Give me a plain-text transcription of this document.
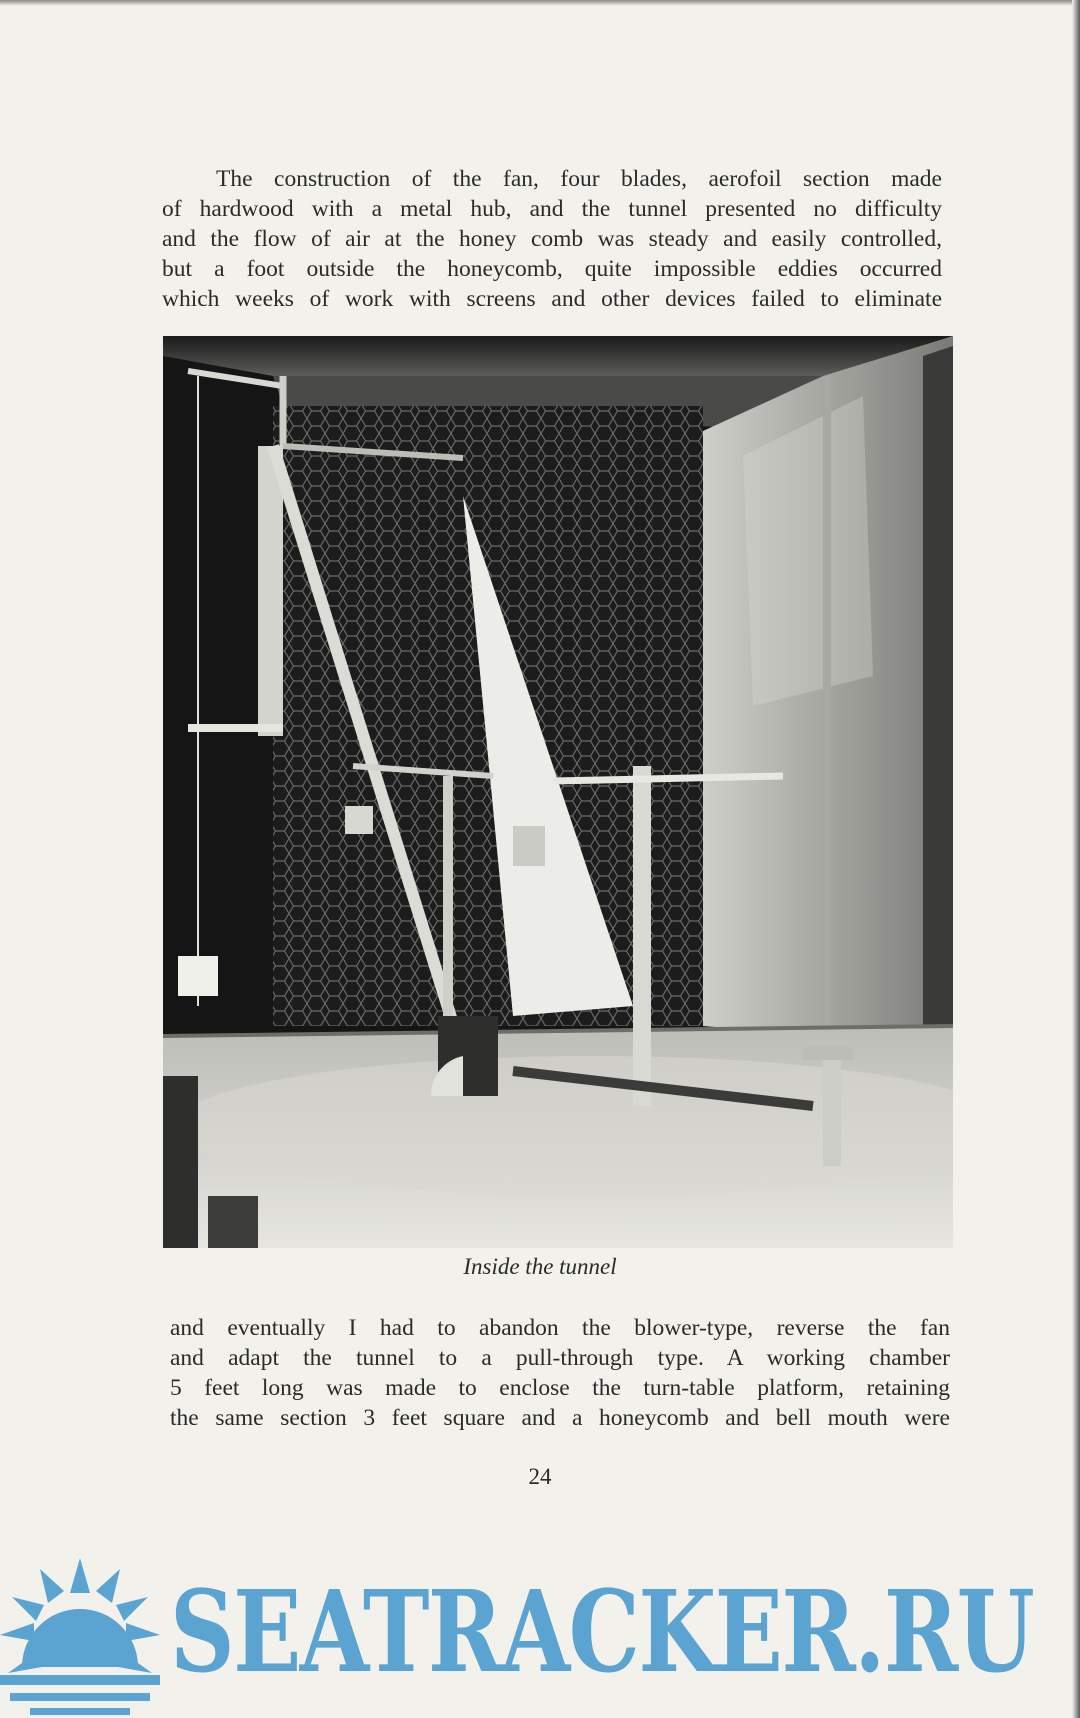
The construction of the fan, four blades, aerofoil section made
of hardwood with a metal hub, and the tunnel presented no difficulty
and the flow of air at the honey comb was steady and easily controlled,
but a foot outside the honeycomb, quite impossible eddies occurred
which weeks of work with screens and other devices failed to eliminate
Inside the tunnel
and eventually I had to abandon the blower-type, reverse the fan
and adapt the tunnel to a pull-through type. A working chamber
5 feet long was made to enclose the turn-table platform, retaining
the same section 3 feet square and a honeycomb and bell mouth were
24
SEATRACKER.RU
